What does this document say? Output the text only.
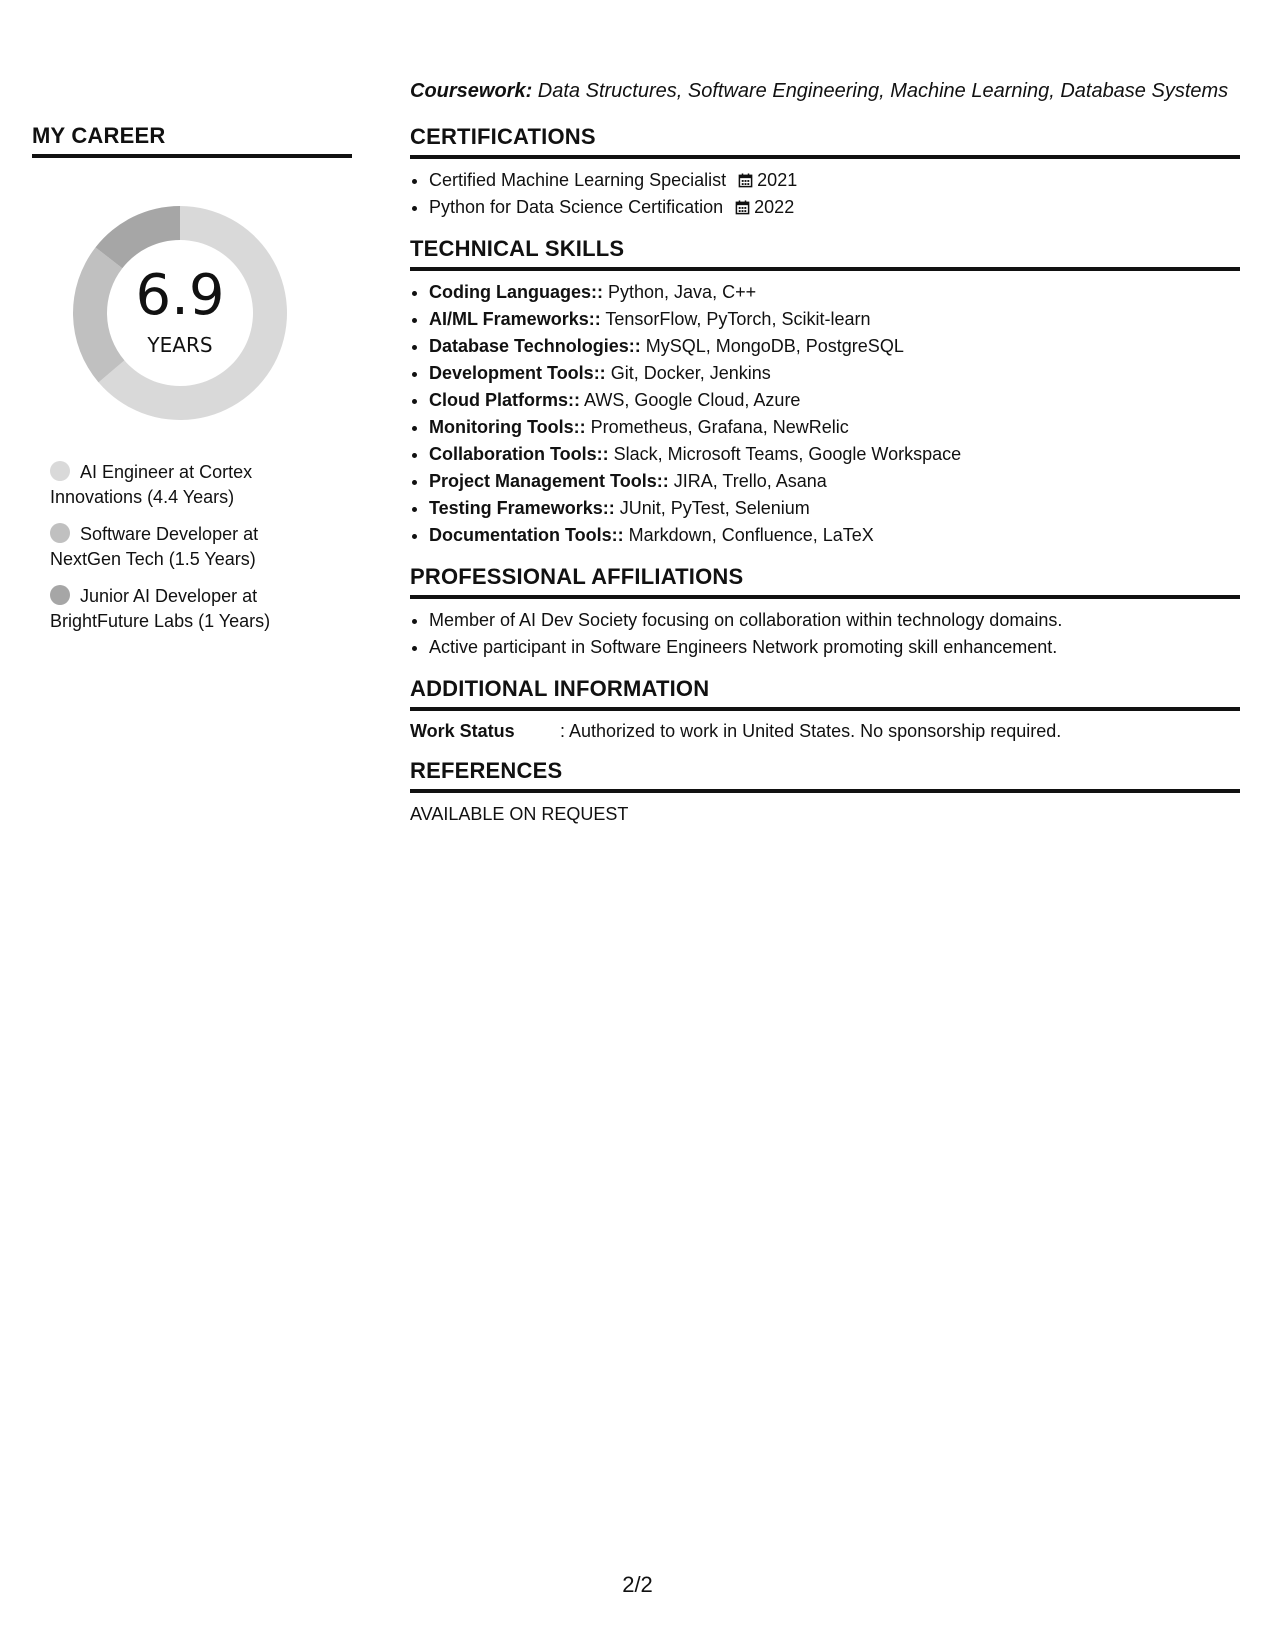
MY CAREER
6.9
YEARS
AI Engineer at Cortex Innovations (4.4 Years)
Software Developer at NextGen Tech (1.5 Years)
Junior AI Developer at BrightFuture Labs (1 Years)

Coursework: Data Structures, Software Engineering, Machine Learning, Database Systems

CERTIFICATIONS
• Certified Machine Learning Specialist 2021
• Python for Data Science Certification 2022
TECHNICAL SKILLS
• Coding Languages:: Python, Java, C++
• AI/ML Frameworks:: TensorFlow, PyTorch, Scikit-learn
• Database Technologies:: MySQL, MongoDB, PostgreSQL
• Development Tools:: Git, Docker, Jenkins
• Cloud Platforms:: AWS, Google Cloud, Azure
• Monitoring Tools:: Prometheus, Grafana, NewRelic
• Collaboration Tools:: Slack, Microsoft Teams, Google Workspace
• Project Management Tools:: JIRA, Trello, Asana
• Testing Frameworks:: JUnit, PyTest, Selenium
• Documentation Tools:: Markdown, Confluence, LaTeX
PROFESSIONAL AFFILIATIONS
• Member of AI Dev Society focusing on collaboration within technology domains.
• Active participant in Software Engineers Network promoting skill enhancement.
ADDITIONAL INFORMATION
Work Status	: Authorized to work in United States. No sponsorship required.
REFERENCES

AVAILABLE ON REQUEST

2/2
